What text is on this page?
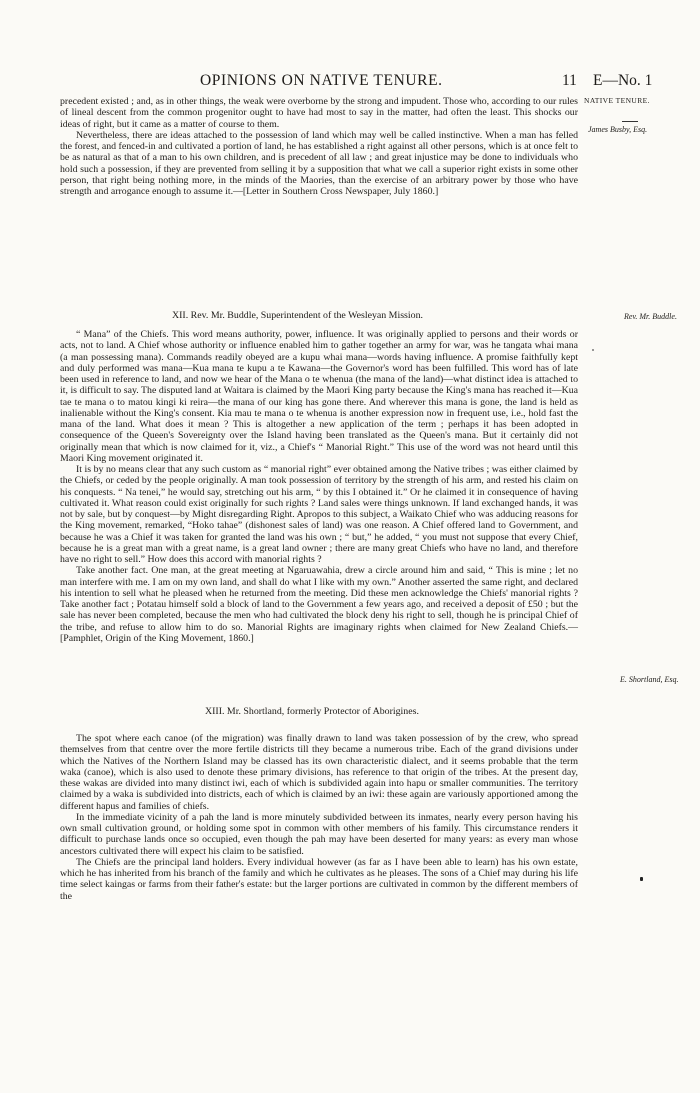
OPINIONS ON NATIVE TENURE.	11 E—No. 1
NATIVE TENURE.
James Busby, Esq.
Rev. Mr. Buddle.
E. Shortland, Esq.

precedent existed ; and, as in other things, the weak were overborne by the strong and impudent. Those who, according to our rules of lineal descent from the common progenitor ought to have had most to say in the matter, had often the least. This shocks our ideas of right, but it came as a matter of course to them.

Nevertheless, there are ideas attached to the possession of land which may well be called instinctive. When a man has felled the forest, and fenced-in and cultivated a portion of land, he has established a right against all other persons, which is at once felt to be as natural as that of a man to his own children, and is precedent of all law ; and great injustice may be done to individuals who hold such a possession, if they are prevented from selling it by a supposition that what we call a superior right exists in some other person, that right being nothing more, in the minds of the Maories, than the exercise of an arbitrary power by those who have strength and arrogance enough to assume it.—[Letter in Southern Cross Newspaper, July 1860.]

XII. Rev. Mr. Buddle, Superintendent of the Wesleyan Mission.

“ Mana” of the Chiefs. This word means authority, power, influence. It was originally applied to persons and their words or acts, not to land. A Chief whose authority or influence enabled him to gather together an army for war, was he tangata whai mana (a man possessing mana). Commands readily obeyed are a kupu whai mana—words having influence. A promise faithfully kept and duly performed was mana—Kua mana te kupu a te Kawana—the Governor's word has been fulfilled. This word has of late been used in reference to land, and now we hear of the Mana o te whenua (the mana of the land)—what distinct idea is attached to it, is difficult to say. The disputed land at Waitara is claimed by the Maori King party because the King's mana has reached it—Kua tae te mana o to matou kingi ki reira—the mana of our king has gone there. And wherever this mana is gone, the land is held as inalienable without the King's consent. Kia mau te mana o te whenua is another expression now in frequent use, i.e., hold fast the mana of the land. What does it mean ? This is altogether a new application of the term ; perhaps it has been adopted in consequence of the Queen's Sovereignty over the Island having been translated as the Queen's mana. But it certainly did not originally mean that which is now claimed for it, viz., a Chief's “ Manorial Right.” This use of the word was not heard until this Maori King movement originated it.

It is by no means clear that any such custom as “ manorial right” ever obtained among the Native tribes ; was either claimed by the Chiefs, or ceded by the people originally. A man took possession of territory by the strength of his arm, and rested his claim on his conquests. “ Na tenei,” he would say, stretching out his arm, “ by this I obtained it.” Or he claimed it in consequence of having cultivated it. What reason could exist originally for such rights ? Land sales were things unknown. If land exchanged hands, it was not by sale, but by conquest—by Might disregarding Right. Apropos to this subject, a Waikato Chief who was adducing reasons for the King movement, remarked, “Hoko tahae” (dishonest sales of land) was one reason. A Chief offered land to Government, and because he was a Chief it was taken for granted the land was his own ; “ but,” he added, “ you must not suppose that every Chief, because he is a great man with a great name, is a great land owner ; there are many great Chiefs who have no land, and therefore have no right to sell.” How does this accord with manorial rights ?

Take another fact. One man, at the great meeting at Ngaruawahia, drew a circle around him and said, “ This is mine ; let no man interfere with me. I am on my own land, and shall do what I like with my own.” Another asserted the same right, and declared his intention to sell what he pleased when he returned from the meeting. Did these men acknowledge the Chiefs' manorial rights ? Take another fact ; Potatau himself sold a block of land to the Government a few years ago, and received a deposit of £50 ; but the sale has never been completed, because the men who had cultivated the block deny his right to sell, though he is principal Chief of the tribe, and refuse to allow him to do so. Manorial Rights are imaginary rights when claimed for New Zealand Chiefs.—[Pamphlet, Origin of the King Movement, 1860.]

XIII. Mr. Shortland, formerly Protector of Aborigines.

The spot where each canoe (of the migration) was finally drawn to land was taken possession of by the crew, who spread themselves from that centre over the more fertile districts till they became a numerous tribe. Each of the grand divisions under which the Natives of the Northern Island may be classed has its own characteristic dialect, and it seems probable that the term waka (canoe), which is also used to denote these primary divisions, has reference to that origin of the tribes. At the present day, these wakas are divided into many distinct iwi, each of which is subdivided again into hapu or smaller communities. The territory claimed by a waka is subdivided into districts, each of which is claimed by an iwi: these again are variously apportioned among the different hapus and families of chiefs.

In the immediate vicinity of a pah the land is more minutely subdivided between its inmates, nearly every person having his own small cultivation ground, or holding some spot in common with other members of his family. This circumstance renders it difficult to purchase lands once so occupied, even though the pah may have been deserted for many years: as every man whose ancestors cultivated there will expect his claim to be satisfied.

The Chiefs are the principal land holders. Every individual however (as far as I have been able to learn) has his own estate, which he has inherited from his branch of the family and which he cultivates as he pleases. The sons of a Chief may during his life time select kaingas or farms from their father's estate: but the larger portions are cultivated in common by the different members of the
